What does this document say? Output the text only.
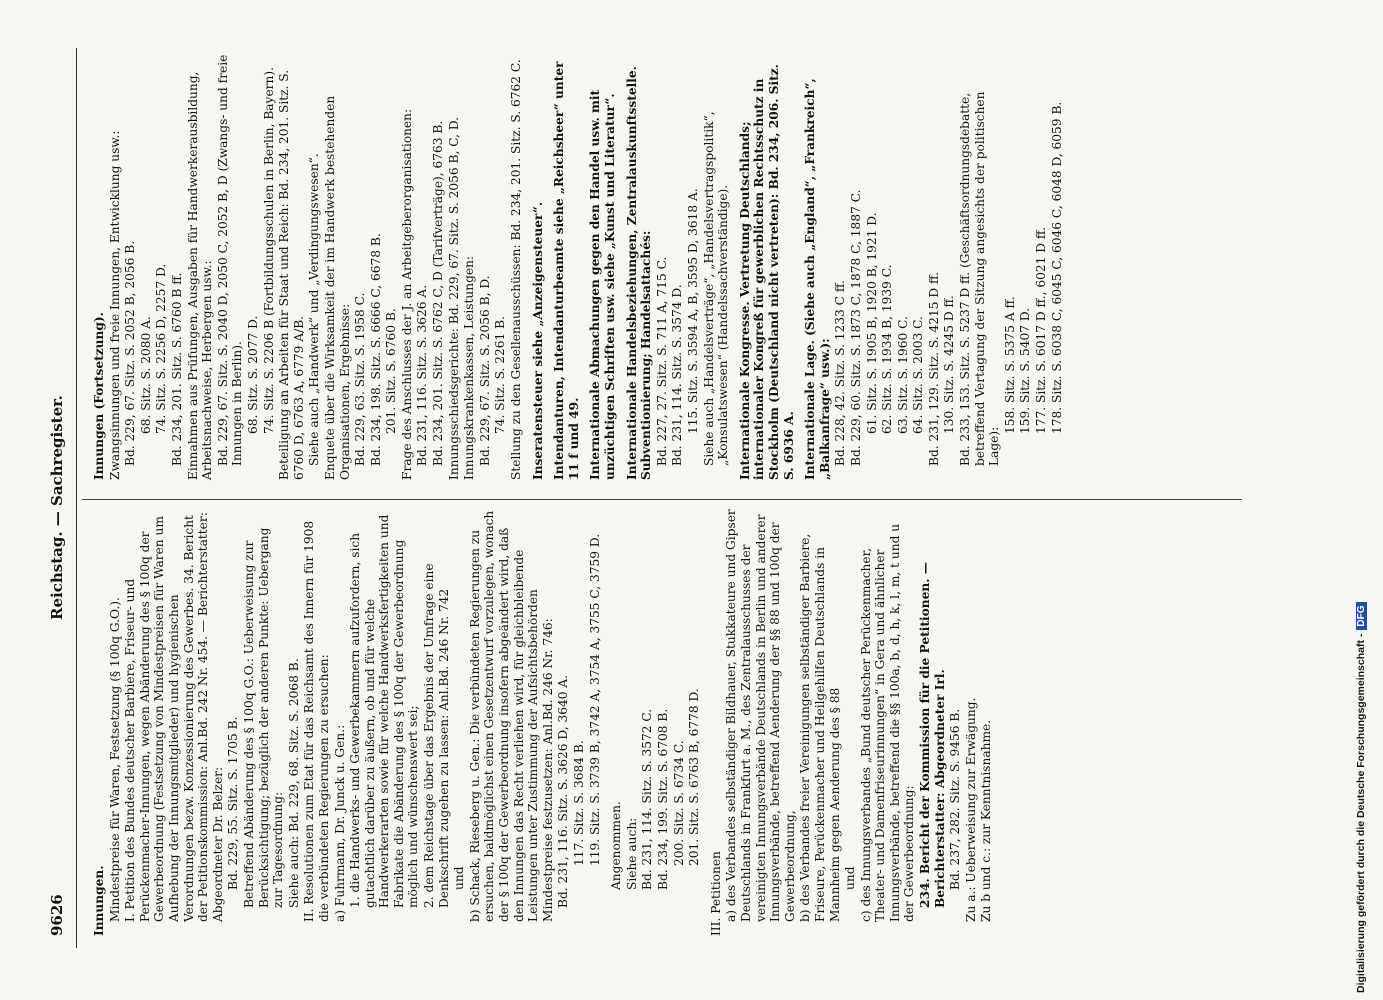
9626
Reichstag. — Sachregister.
Innungen. Mindestpreise für Waren, Festsetzung (§ 100q G.O.). I. Petition des Bundes deutscher Barbiere, Friseur- und Perückenmacher-Innungen, wegen Abänderung des § 100q der Gewerbeordnung (Festsetzung von Mindestpreisen für Waren um Aufhebung der Innungsmitglieder) und hygienischen Verordnungen bezw. Konzessionierung des Gewerbes. 34. Bericht der Petitionskommission: Anl.Bd. 242 Nr. 454. — Berichterstatter: Abgeordneter Dr. Belzer: Bd. 229, 55. Sitz. S. 1705 B. Betreffend Abänderung des § 100q G.O.: Ueberweisung zur Berücksichtigung; bezüglich der anderen Punkte: Uebergang zur Tagesordnung: Siehe auch: Bd. 229, 68. Sitz. S. 2068 B. II. Resolutionen zum Etat für das Reichsamt des Innern für 1908 die verbündeten Regierungen zu ersuchen: a) Fuhrmann, Dr. Junck u. Gen.: 1. die Handwerks- und Gewerbekammern aufzufordern, sich gutachtlich darüber zu äußern, ob und für welche Handwerkerarten sowie für welche Handwerksfertigkeiten und Fabrikate die Abänderung des § 100q der Gewerbeordnung möglich und wünschenswert sei; 2. dem Reichstage über das Ergebnis der Umfrage eine Denkschrift zugehen zu lassen: Anl.Bd. 246 Nr. 742 und b) Schack, Rieseberg u. Gen.: Die verbündeten Regierungen zu ersuchen, baldmöglichst einen Gesetzentwurf vorzulegen, wonach der § 100q der Gewerbeordnung insofern abgeändert wird, daß den Innungen das Recht verliehen wird, für gleichbleibende Leistungen unter Zustimmung der Aufsichtsbehörden Mindestpreise festzusetzen: Anl.Bd. 246 Nr. 746: Bd. 231, 116. Sitz. S. 3626 D, 3640 A. 117. Sitz. S. 3684 B. 119. Sitz. S. 3739 B, 3742 A, 3754 A, 3755 C, 3759 D. Angenommen. Siehe auch: Bd. 231, 114. Sitz. S. 3572 C. Bd. 234, 199. Sitz. S. 6708 B. 200. Sitz. S. 6734 C. 201. Sitz. S. 6763 B, 6778 D.
III. Petitionen a) des Verbandes selbständiger Bildhauer, Stukkateure und Gipser Deutschlands in Frankfurt a. M., des Zentralausschusses der vereinigten Innungsverbände Deutschlands in Berlin und anderer Innungsverbände, betreffend Aenderung der §§ 88 und 100q der Gewerbeordnung, b) des Verbandes freier Vereinigungen selbständiger Barbiere, Friseure, Perückenmacher und Heilgehilfen Deutschlands in Mannheim gegen Aenderung des § 88 und c) des Innungsverbandes „Bund deutscher Perückenmacher, Theater- und Damenfriseurinnungen“ in Gera und ähnlicher Innungsverbände, betreffend die §§ 100a, b, d, h, k, l, m, t und u der Gewerbeordnung: 234. Bericht der Kommission für die Petitionen. — Berichterstatter: Abgeordneter Irl. Bd. 237, 282. Sitz. S. 9456 B. Zu a.: Ueberweisung zur Erwägung. Zu b und c.: zur Kenntnisnahme.
Innungen (Fortsetzung). Zwangsinnungen und freie Innungen, Entwicklung usw.: Bd. 229, 67. Sitz. S. 2052 B, 2056 B. 68. Sitz. S. 2080 A. 74. Sitz. S. 2256 D, 2257 D. Bd. 234, 201. Sitz. S. 6760 B ff. Einnahmen aus Prüfungen, Ausgaben für Handwerkerausbildung, Arbeitsnachweise, Herbergen usw.: Bd. 229, 67. Sitz. S. 2040 D, 2050 C, 2052 B, D (Zwangs- und freie Innungen in Berlin). 68. Sitz. S. 2077 D. 74. Sitz. S. 2206 B (Fortbildungsschulen in Berlin, Bayern). Beteiligung an Arbeiten für Staat und Reich: Bd. 234, 201. Sitz. S. 6760 D, 6763 A, 6779 A/B. Siehe auch „Handwerk“ und „Verdingungswesen“. Enquete über die Wirksamkeit der im Handwerk bestehenden Organisationen, Ergebnisse: Bd. 229, 63. Sitz. S. 1958 C. Bd. 234, 198. Sitz. S. 6666 C, 6678 B. 201. Sitz. S. 6760 B. Frage des Anschlusses der J. an Arbeitgeberorganisationen: Bd. 231, 116. Sitz. S. 3626 A. Bd. 234, 201. Sitz. S. 6762 C, D (Tarifverträge), 6763 B. Innungsschiedsgerichte: Bd. 229, 67. Sitz. S. 2056 B, C, D. Innungskrankenkassen, Leistungen: Bd. 229, 67. Sitz. S. 2056 B, D. 74. Sitz. S. 2261 B. Stellung zu den Gesellenausschüssen: Bd. 234, 201. Sitz. S. 6762 C. Inseratensteuer siehe „Anzeigensteuer“. Intendanturen, Intendanturbeamte siehe „Reichsheer“ unter 11 f und 49. Internationale Abmachungen gegen den Handel usw. mit unzüchtigen Schriften usw. siehe „Kunst und Literatur“. Internationale Handelsbeziehungen, Zentralauskunftsstelle. Subventionierung; Handelsattachés: Bd. 227, 27. Sitz. S. 711 A, 715 C. Bd. 231, 114. Sitz. S. 3574 D. 115. Sitz. S. 3594 A, B, 3595 D, 3618 A. Siehe auch „Handelsverträge“, „Handelsvertragspolitik“, „Konsulatswesen“ (Handelssachverständige). Internationale Kongresse. Vertretung Deutschlands; internationaler Kongreß für gewerblichen Rechtsschutz in Stockholm (Deutschland nicht vertreten): Bd. 234, 206. Sitz. S. 6936 A. Internationale Lage. (Siehe auch „England“, „Frankreich“, „Balkanfrage“ usw.): Bd. 228, 42. Sitz. S. 1233 C ff. Bd. 229, 60. Sitz. S. 1873 C, 1878 C, 1887 C. 61. Sitz. S. 1905 B, 1920 B, 1921 D. 62. Sitz. S. 1934 B, 1939 C. 63. Sitz. S. 1960 C. 64. Sitz. S. 2003 C. Bd. 231, 129. Sitz. S. 4215 D ff. 130. Sitz. S. 4245 D ff. Bd. 233, 153. Sitz. S. 5237 D ff. (Geschäftsordnungsdebatte, betreffend Vertagung der Sitzung angesichts der politischen Lage):
158. Sitz. S. 5375 A ff. 159. Sitz. S. 5407 D. 177. Sitz. S. 6017 D ff., 6021 D ff. 178. Sitz. S. 6038 C, 6045 C, 6046 C, 6048 D, 6059 B.
Digitalisierung gefördert durch die Deutsche Forschungsgemeinschaft -DFG
